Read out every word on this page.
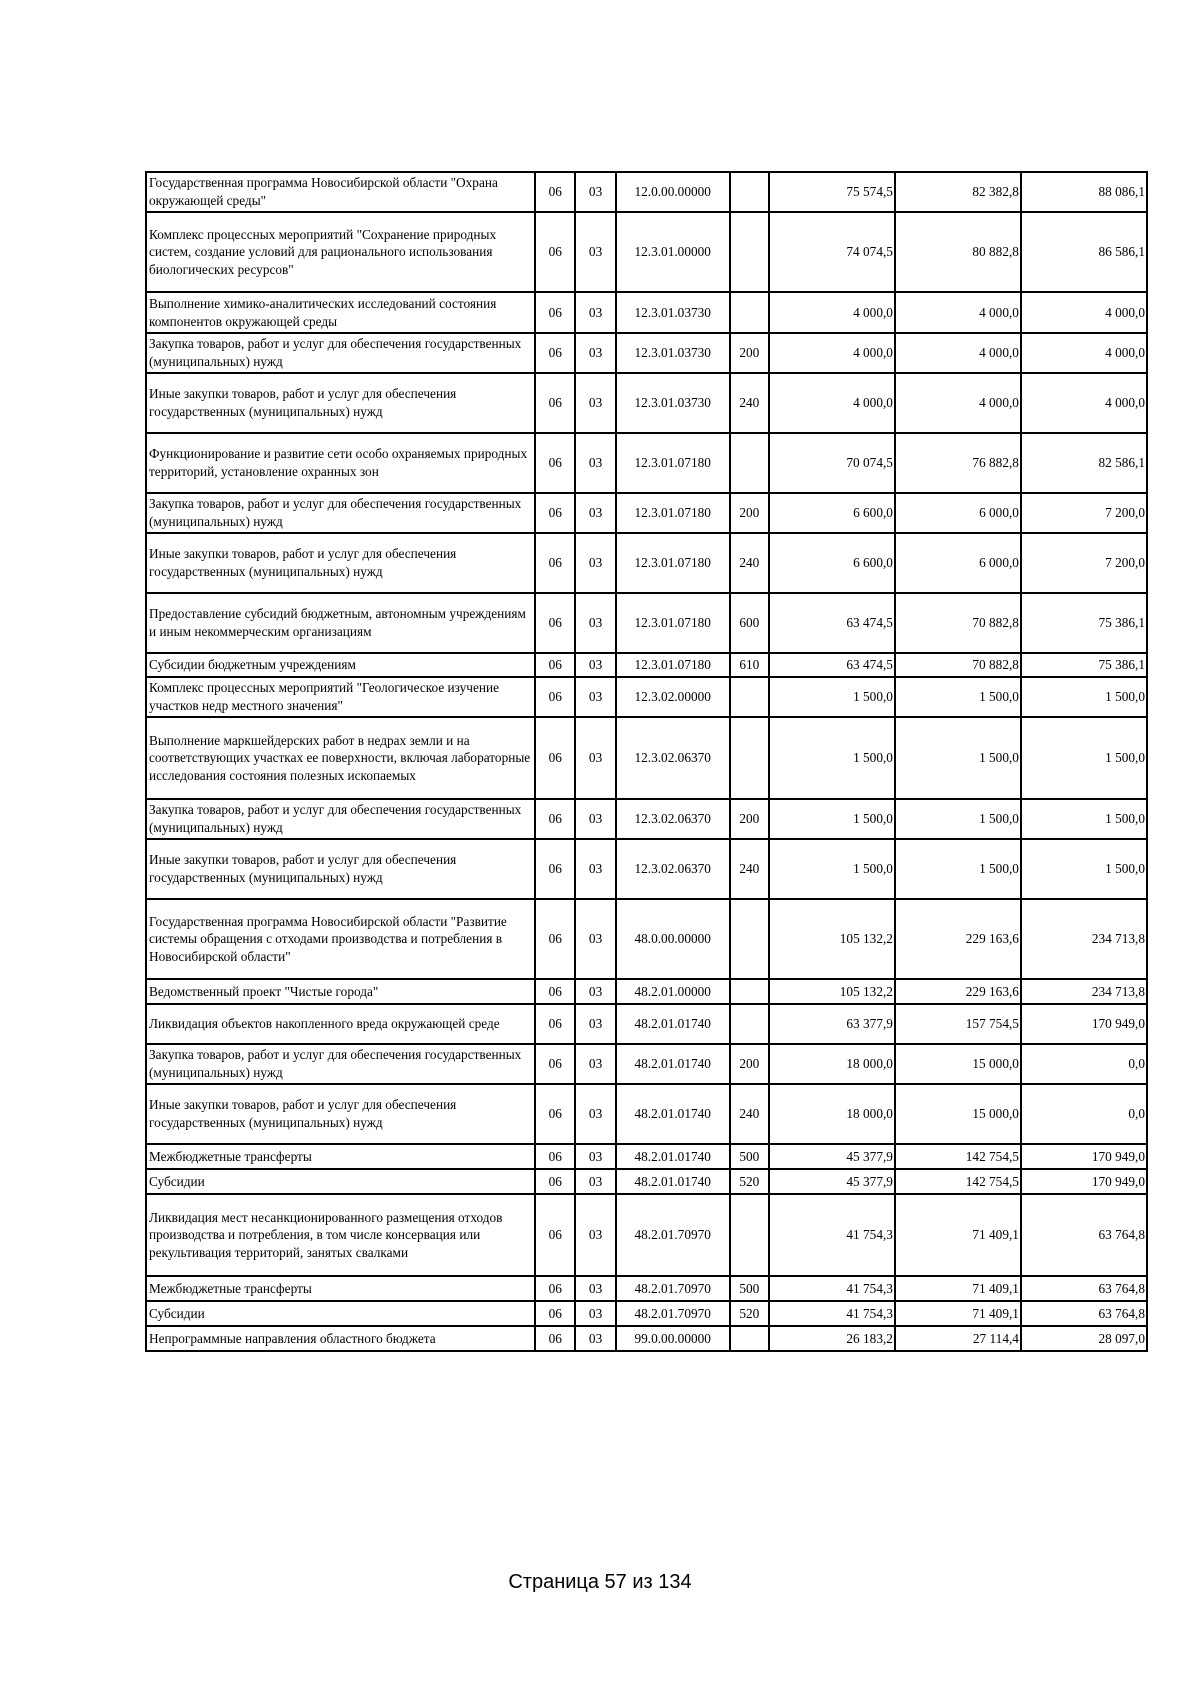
Государственная программа Новосибирской области "Охрана окружающей среды"	06	03	12.0.00.00000		75 574,5	82 382,8	88 086,1
Комплекс процессных мероприятий "Сохранение природных систем, создание условий для рационального использования биологических ресурсов"	06	03	12.3.01.00000		74 074,5	80 882,8	86 586,1
Выполнение химико-аналитических исследований состояния компонентов окружающей среды	06	03	12.3.01.03730		4 000,0	4 000,0	4 000,0
Закупка товаров, работ и услуг для обеспечения государственных (муниципальных) нужд	06	03	12.3.01.03730	200	4 000,0	4 000,0	4 000,0
Иные закупки товаров, работ и услуг для обеспечения государственных (муниципальных) нужд	06	03	12.3.01.03730	240	4 000,0	4 000,0	4 000,0
Функционирование и развитие сети особо охраняемых природных территорий, установление охранных зон	06	03	12.3.01.07180		70 074,5	76 882,8	82 586,1
Закупка товаров, работ и услуг для обеспечения государственных (муниципальных) нужд	06	03	12.3.01.07180	200	6 600,0	6 000,0	7 200,0
Иные закупки товаров, работ и услуг для обеспечения государственных (муниципальных) нужд	06	03	12.3.01.07180	240	6 600,0	6 000,0	7 200,0
Предоставление субсидий бюджетным, автономным учреждениям и иным некоммерческим организациям	06	03	12.3.01.07180	600	63 474,5	70 882,8	75 386,1
Субсидии бюджетным учреждениям	06	03	12.3.01.07180	610	63 474,5	70 882,8	75 386,1
Комплекс процессных мероприятий "Геологическое изучение участков недр местного значения"	06	03	12.3.02.00000		1 500,0	1 500,0	1 500,0
Выполнение маркшейдерских работ в недрах земли и на соответствующих участках ее поверхности, включая лабораторные исследования состояния полезных ископаемых	06	03	12.3.02.06370		1 500,0	1 500,0	1 500,0
Закупка товаров, работ и услуг для обеспечения государственных (муниципальных) нужд	06	03	12.3.02.06370	200	1 500,0	1 500,0	1 500,0
Иные закупки товаров, работ и услуг для обеспечения государственных (муниципальных) нужд	06	03	12.3.02.06370	240	1 500,0	1 500,0	1 500,0
Государственная программа Новосибирской области "Развитие системы обращения с отходами производства и потребления в Новосибирской области"	06	03	48.0.00.00000		105 132,2	229 163,6	234 713,8
Ведомственный проект "Чистые города"	06	03	48.2.01.00000		105 132,2	229 163,6	234 713,8
Ликвидация объектов накопленного вреда окружающей среде	06	03	48.2.01.01740		63 377,9	157 754,5	170 949,0
Закупка товаров, работ и услуг для обеспечения государственных (муниципальных) нужд	06	03	48.2.01.01740	200	18 000,0	15 000,0	0,0
Иные закупки товаров, работ и услуг для обеспечения государственных (муниципальных) нужд	06	03	48.2.01.01740	240	18 000,0	15 000,0	0,0
Межбюджетные трансферты	06	03	48.2.01.01740	500	45 377,9	142 754,5	170 949,0
Субсидии	06	03	48.2.01.01740	520	45 377,9	142 754,5	170 949,0
Ликвидация мест несанкционированного размещения отходов производства и потребления, в том числе консервация или рекультивация территорий, занятых свалками	06	03	48.2.01.70970		41 754,3	71 409,1	63 764,8
Межбюджетные трансферты	06	03	48.2.01.70970	500	41 754,3	71 409,1	63 764,8
Субсидии	06	03	48.2.01.70970	520	41 754,3	71 409,1	63 764,8
Непрограммные направления областного бюджета	06	03	99.0.00.00000		26 183,2	27 114,4	28 097,0
Страница 57 из 134
